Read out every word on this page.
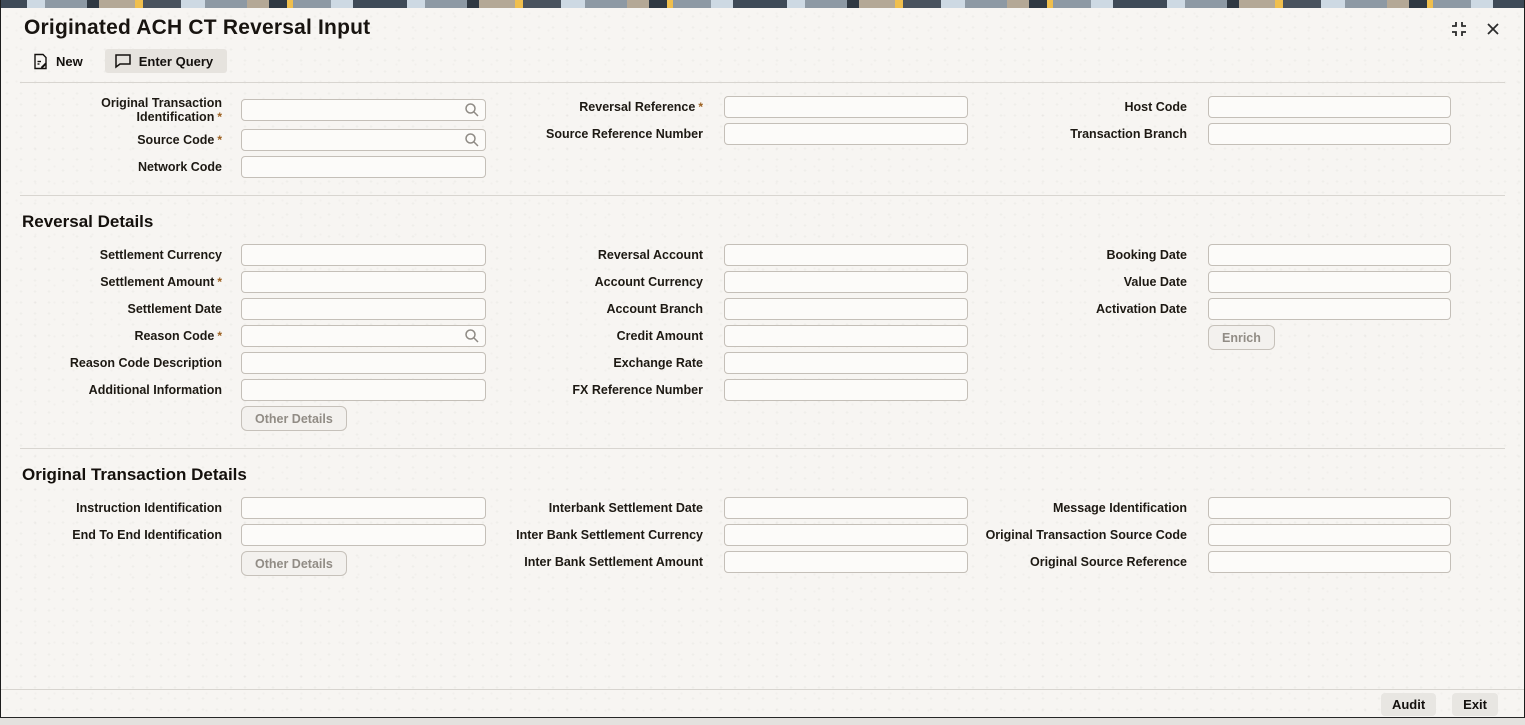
Originated ACH CT Reversal Input
New	Enter Query
Original Transaction Identification *
Source Code *
Network Code
Reversal Reference *
Source Reference Number
Host Code
Transaction Branch
Reversal Details
Settlement Currency
Settlement Amount *
Settlement Date
Reason Code *
Reason Code Description
Additional Information
Other Details
Reversal Account
Account Currency
Account Branch
Credit Amount
Exchange Rate
FX Reference Number
Booking Date
Value Date
Activation Date
Enrich
Original Transaction Details
Instruction Identification
End To End Identification
Other Details
Interbank Settlement Date
Inter Bank Settlement Currency
Inter Bank Settlement Amount
Message Identification
Original Transaction Source Code
Original Source Reference
Audit	Exit
